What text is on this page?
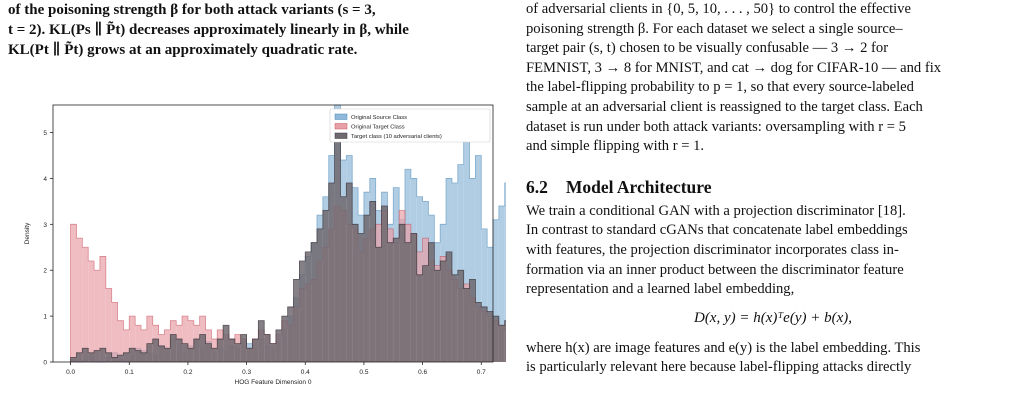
of the poisoning strength β for both attack variants (s = 3,
t = 2). KL(Ps ∥ P̃t) decreases approximately linearly in β, while
KL(Pt ∥ P̃t) grows at an approximately quadratic rate.

0.0	0.1	0.2	0.3	0.4	0.5	0.6	0.7
0
1
2
3
4
5
HOG Feature Dimension 0
Density
Original Source Class
Original Target Class
Target class (10 adversarial clients)

of adversarial clients in {0, 5, 10, . . . , 50} to control the effective
poisoning strength β. For each dataset we select a single source–
target pair (s, t) chosen to be visually confusable — 3 → 2 for
FEMNIST, 3 → 8 for MNIST, and cat → dog for CIFAR-10 — and fix
the label-flipping probability to p = 1, so that every source-labeled
sample at an adversarial client is reassigned to the target class. Each
dataset is run under both attack variants: oversampling with r = 5
and simple flipping with r = 1.

6.2 Model Architecture

We train a conditional GAN with a projection discriminator [18].
In contrast to standard cGANs that concatenate label embeddings
with features, the projection discriminator incorporates class in-
formation via an inner product between the discriminator feature
representation and a learned label embedding,

D(x, y) = h(x)ᵀe(y) + b(x),

where h(x) are image features and e(y) is the label embedding. This
is particularly relevant here because label-flipping attacks directly
